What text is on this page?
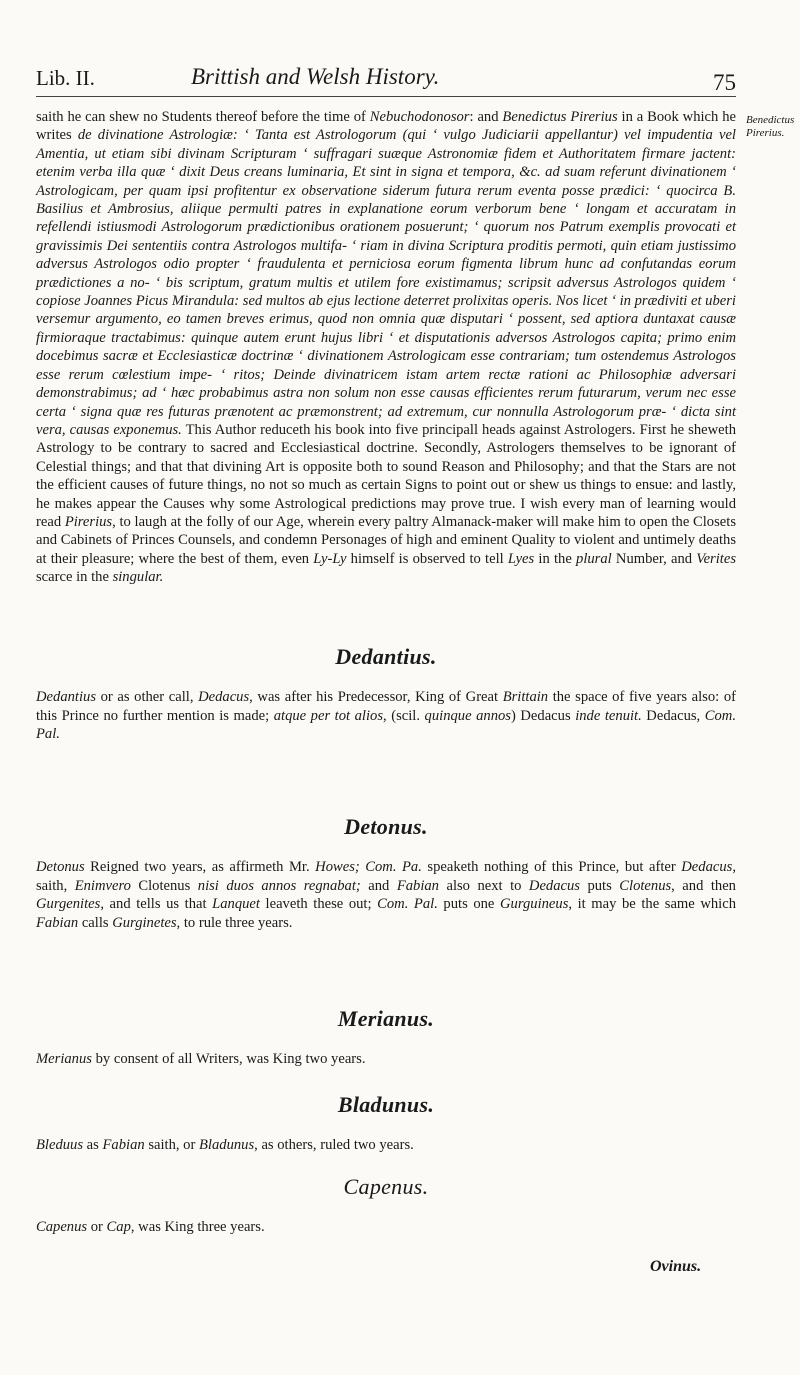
Lib. II.	Brittish and Welsh History.	75
Benedictus Pirerius.

saith he can shew no Students thereof before the time of Nebuchodonosor: and Benedictus Pirerius in a Book which he writes de divinatione Astrologiæ: ‘ Tanta est Astrologorum (qui ‘ vulgo Judiciarii appellantur) vel impudentia vel Amentia, ut etiam sibi divinam Scripturam ‘ suffragari suæque Astronomiæ fidem et Authoritatem firmare jactent: etenim verba illa quæ ‘ dixit Deus creans luminaria, Et sint in signa et tempora, &c. ad suam referunt divinationem ‘ Astrologicam, per quam ipsi profitentur ex observatione siderum futura rerum eventa posse prædici: ‘ quocirca B. Basilius et Ambrosius, aliique permulti patres in explanatione eorum verborum bene ‘ longam et accuratam in refellendi istiusmodi Astrologorum prædictionibus orationem posuerunt; ‘ quorum nos Patrum exemplis provocati et gravissimis Dei sententiis contra Astrologos multifa- ‘ riam in divina Scriptura proditis permoti, quin etiam justissimo adversus Astrologos odio propter ‘ fraudulenta et perniciosa eorum figmenta librum hunc ad confutandas eorum prædictiones a no- ‘ bis scriptum, gratum multis et utilem fore existimamus; scripsit adversus Astrologos quidem ‘ copiose Joannes Picus Mirandula: sed multos ab ejus lectione deterret prolixitas operis. Nos licet ‘ in prædiviti et uberi versemur argumento, eo tamen breves erimus, quod non omnia quæ disputari ‘ possent, sed aptiora duntaxat causæ firmioraque tractabimus: quinque autem erunt hujus libri ‘ et disputationis adversos Astrologos capita; primo enim docebimus sacræ et Ecclesiasticæ doctrinæ ‘ divinationem Astrologicam esse contrariam; tum ostendemus Astrologos esse rerum cœlestium impe- ‘ ritos; Deinde divinatricem istam artem rectæ rationi ac Philosophiæ adversari demonstrabimus; ad ‘ hæc probabimus astra non solum non esse causas efficientes rerum futurarum, verum nec esse certa ‘ signa quæ res futuras prænotent ac præmonstrent; ad extremum, cur nonnulla Astrologorum præ- ‘ dicta sint vera, causas exponemus. This Author reduceth his book into five principall heads against Astrologers. First he sheweth Astrology to be contrary to sacred and Ecclesiastical doctrine. Secondly, Astrologers themselves to be ignorant of Celestial things; and that that divining Art is opposite both to sound Reason and Philosophy; and that the Stars are not the efficient causes of future things, no not so much as certain Signs to point out or shew us things to ensue: and lastly, he makes appear the Causes why some Astrological predictions may prove true. I wish every man of learning would read Pirerius, to laugh at the folly of our Age, wherein every paltry Almanack-maker will make him to open the Closets and Cabinets of Princes Counsels, and condemn Personages of high and eminent Quality to violent and untimely deaths at their pleasure; where the best of them, even Ly-Ly himself is observed to tell Lyes in the plural Number, and Verites scarce in the singular.

Dedantius.

Dedantius or as other call, Dedacus, was after his Predecessor, King of Great Brittain the space of five years also: of this Prince no further mention is made; atque per tot alios, (scil. quinque annos) Dedacus inde tenuit. Dedacus, Com. Pal.

Detonus.

Detonus Reigned two years, as affirmeth Mr. Howes; Com. Pa. speaketh nothing of this Prince, but after Dedacus, saith, Enimvero Clotenus nisi duos annos regnabat; and Fabian also next to Dedacus puts Clotenus, and then Gurgenites, and tells us that Lanquet leaveth these out; Com. Pal. puts one Gurguineus, it may be the same which Fabian calls Gurginetes, to rule three years.

Merianus.

Merianus by consent of all Writers, was King two years.

Bladunus.

Bleduus as Fabian saith, or Bladunus, as others, ruled two years.

Capenus.

Capenus or Cap, was King three years.

Ovinus.
